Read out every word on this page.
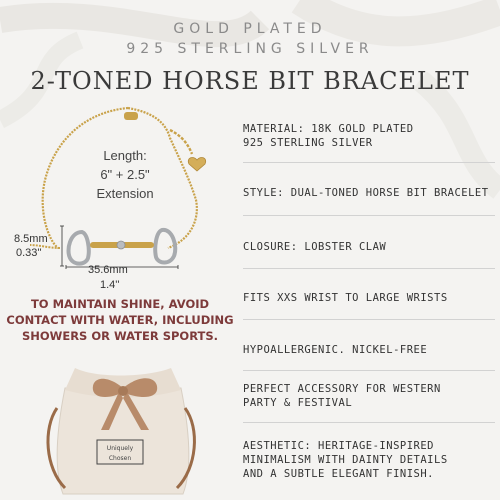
GOLD PLATED
925 STERLING SILVER
2-TONED HORSE BIT BRACELET
Length:
6" + 2.5"
Extension
8.5mm
0.33''
35.6mm
1.4''
TO MAINTAIN SHINE, AVOID
CONTACT WITH WATER, INCLUDING
SHOWERS OR WATER SPORTS.
Uniquely
Chosen
MATERIAL: 18K GOLD PLATED
925 STERLING SILVER
STYLE: DUAL-TONED HORSE BIT BRACELET
CLOSURE: LOBSTER CLAW
FITS XXS WRIST TO LARGE WRISTS
HYPOALLERGENIC. NICKEL-FREE
PERFECT ACCESSORY FOR WESTERN
PARTY & FESTIVAL
AESTHETIC: HERITAGE-INSPIRED
MINIMALISM WITH DAINTY DETAILS
AND A SUBTLE ELEGANT FINISH.
